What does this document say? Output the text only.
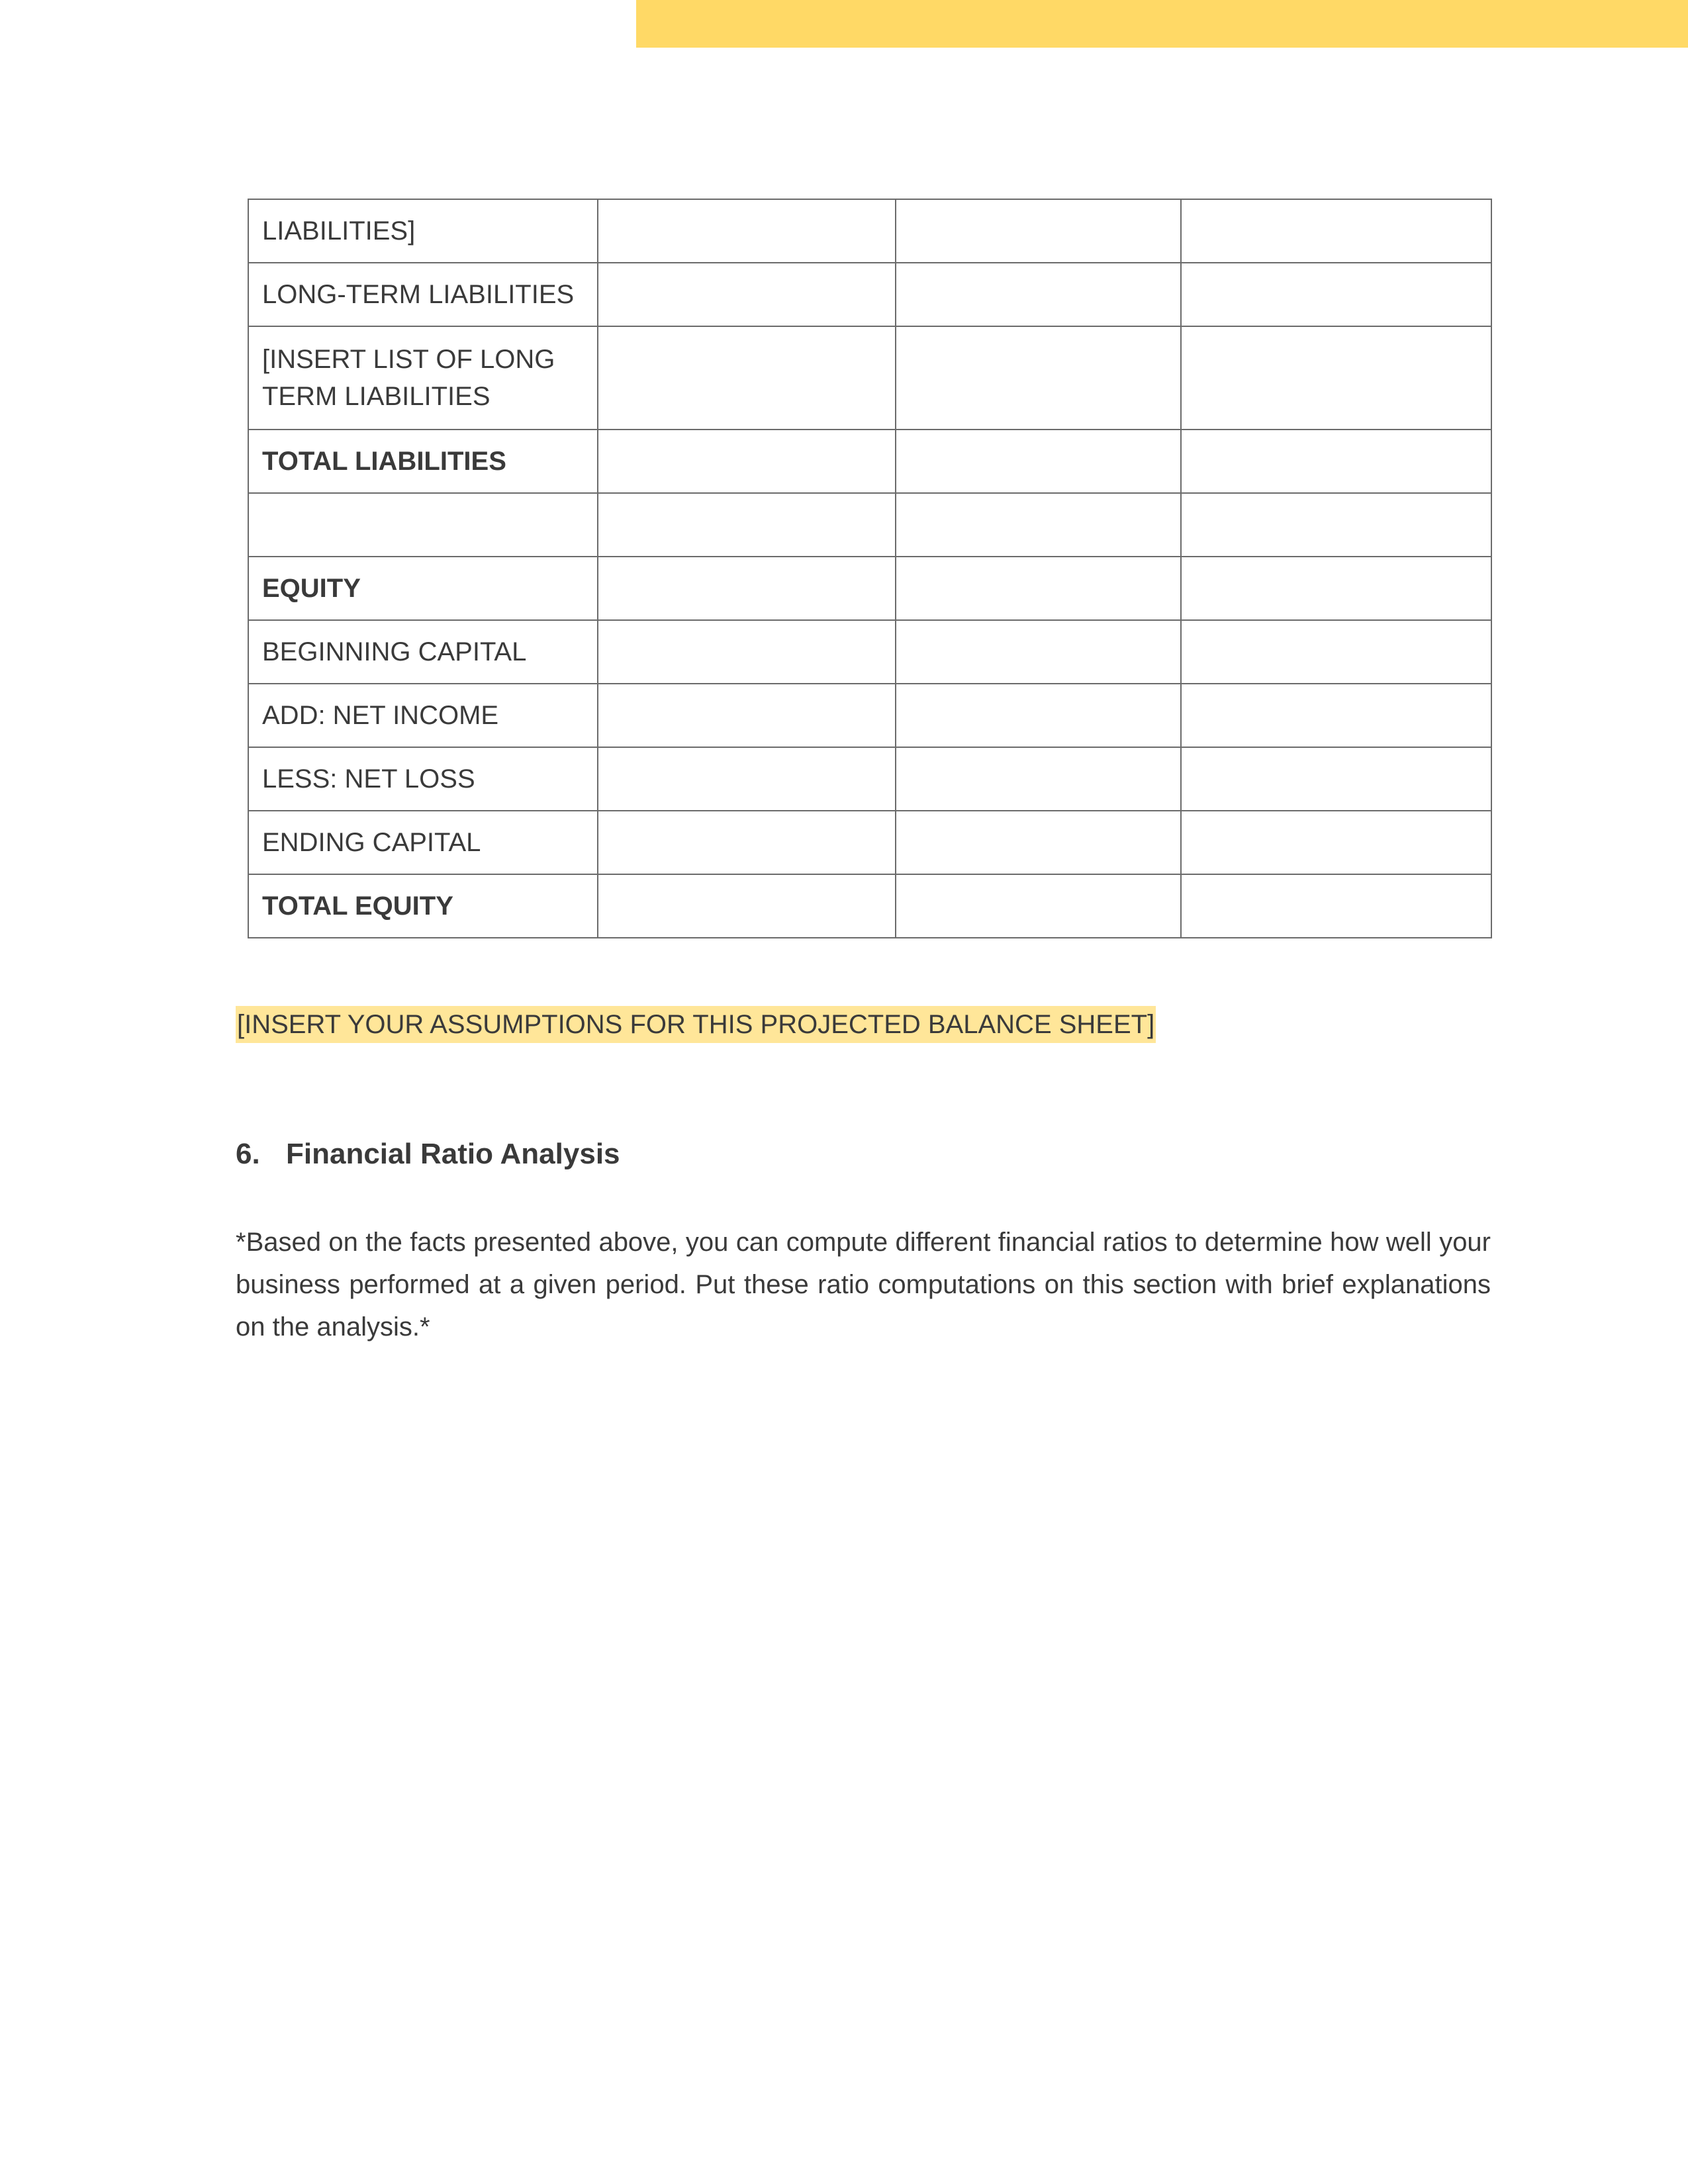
LIABILITIES]			
LONG-TERM LIABILITIES			
[INSERT LIST OF LONG TERM LIABILITIES			
TOTAL LIABILITIES			

EQUITY			
BEGINNING CAPITAL			
ADD: NET INCOME			
LESS: NET LOSS			
ENDING CAPITAL			
TOTAL EQUITY			
[INSERT YOUR ASSUMPTIONS FOR THIS PROJECTED BALANCE SHEET]
6. Financial Ratio Analysis

*Based on the facts presented above, you can compute different financial ratios to determine how well your business performed at a given period. Put these ratio computations on this section with brief explanations on the analysis.*
